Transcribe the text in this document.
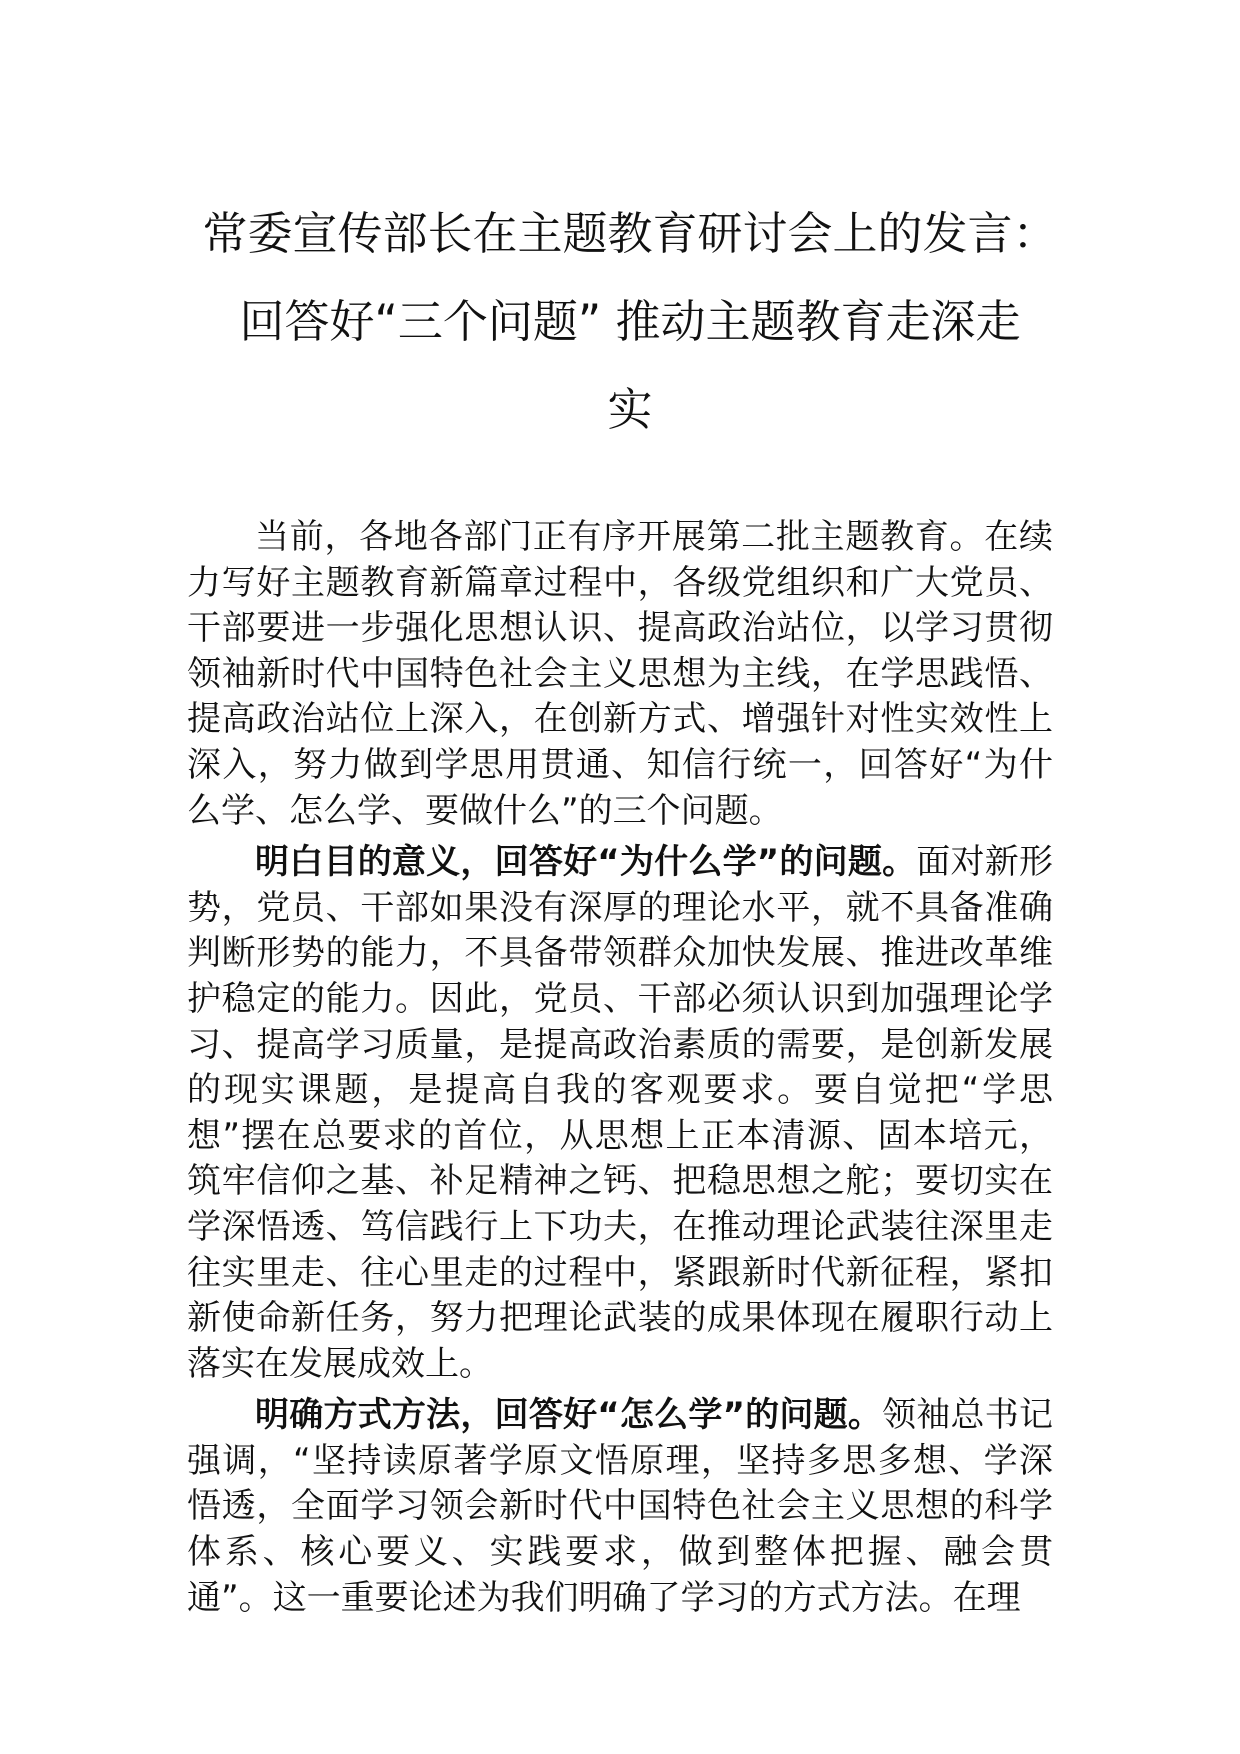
常委宣传部长在主题教育研讨会上的发言：
回答好“三个问题” 推动主题教育走深走
实

当前，各地各部门正有序开展第二批主题教育。在续力写好主题教育新篇章过程中，各级党组织和广大党员、干部要进一步强化思想认识、提高政治站位，以学习贯彻领袖新时代中国特色社会主义思想为主线，在学思践悟、提高政治站位上深入，在创新方式、增强针对性实效性上深入，努力做到学思用贯通、知信行统一，回答好“为什么学、怎么学、要做什么”的三个问题。

明白目的意义，回答好“为什么学”的问题。面对新形势，党员、干部如果没有深厚的理论水平，就不具备准确判断形势的能力，不具备带领群众加快发展、推进改革维护稳定的能力。因此，党员、干部必须认识到加强理论学习、提高学习质量，是提高政治素质的需要，是创新发展的现实课题，是提高自我的客观要求。要自觉把“学思想”摆在总要求的首位，从思想上正本清源、固本培元，筑牢信仰之基、补足精神之钙、把稳思想之舵；要切实在学深悟透、笃信践行上下功夫，在推动理论武装往深里走往实里走、往心里走的过程中，紧跟新时代新征程，紧扣新使命新任务，努力把理论武装的成果体现在履职行动上落实在发展成效上。

明确方式方法，回答好“怎么学”的问题。领袖总书记强调，“坚持读原著学原文悟原理，坚持多思多想、学深悟透，全面学习领会新时代中国特色社会主义思想的科学体系、核心要义、实践要求，做到整体把握、融会贯通”。这一重要论述为我们明确了学习的方式方法。在理
